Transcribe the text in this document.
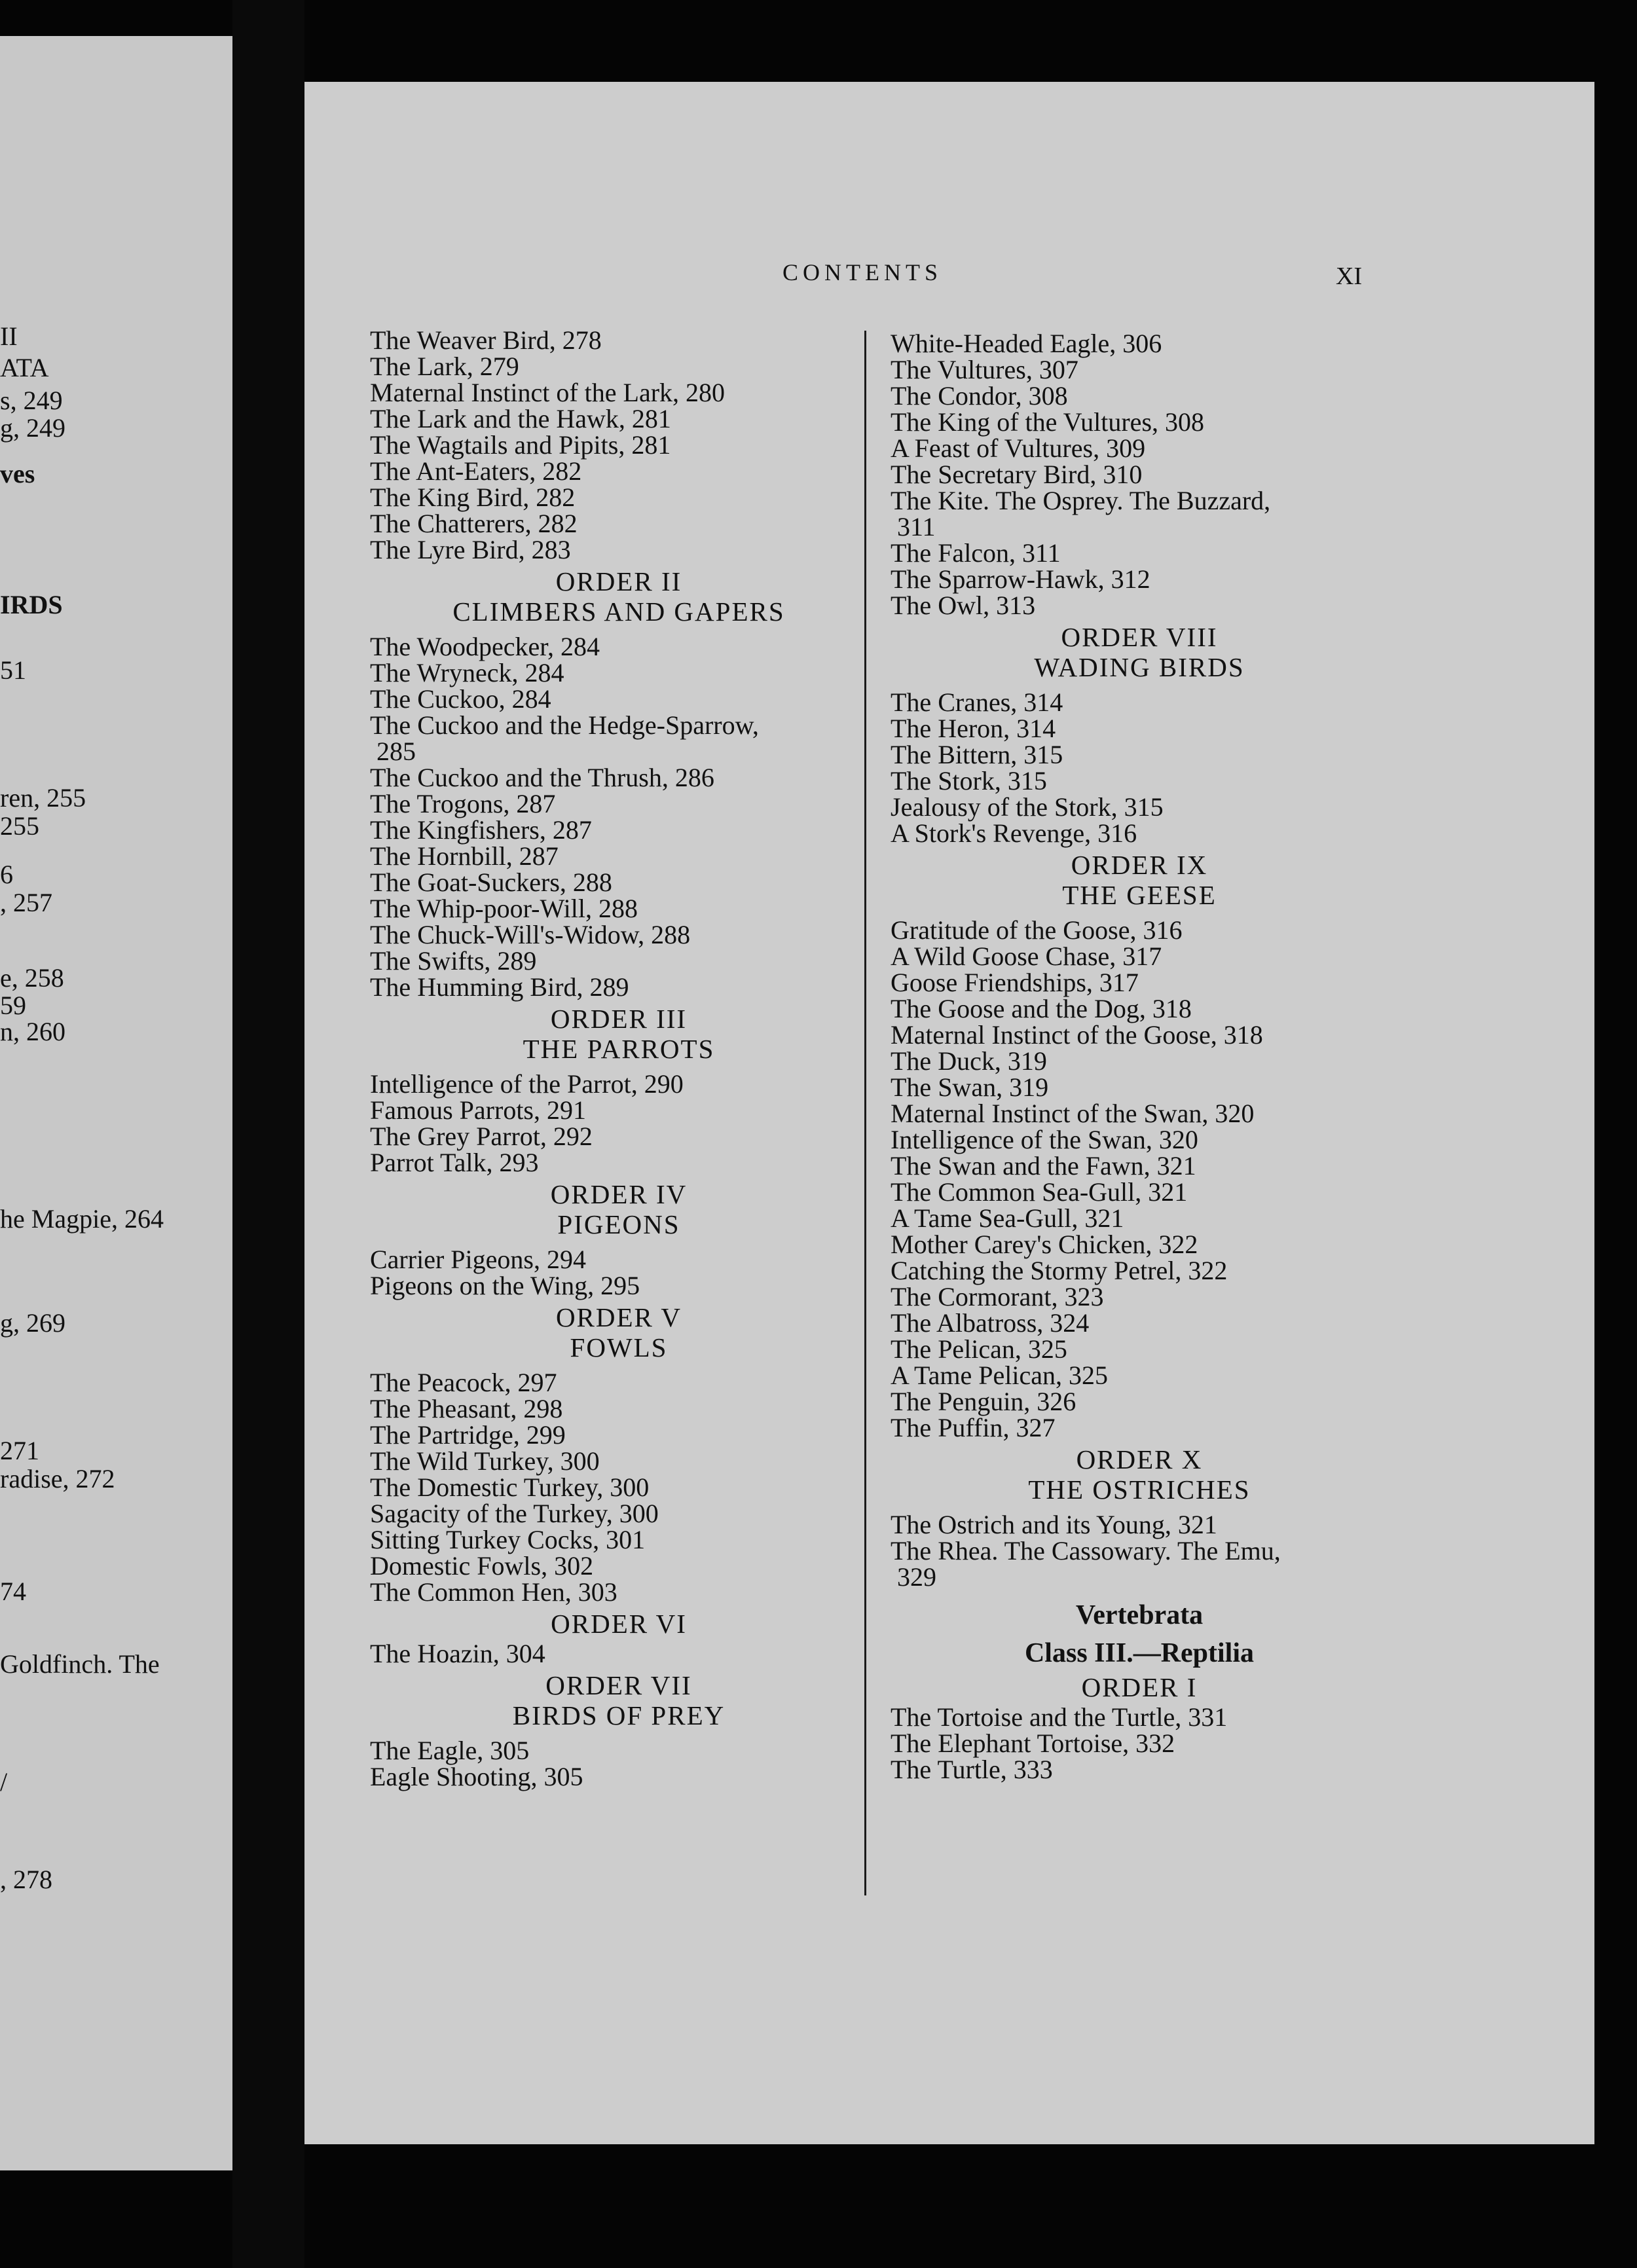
II
ATA
s, 249
g, 249
ves
IRDS
51
ren, 255
255
6
, 257
e, 258
59
n, 260
he Magpie, 264
g, 269
271
radise, 272
74
Goldfinch. The
/
, 278
CONTENTS	XI
The Weaver Bird, 278
The Lark, 279
Maternal Instinct of the Lark, 280
The Lark and the Hawk, 281
The Wagtails and Pipits, 281
The Ant-Eaters, 282
The King Bird, 282
The Chatterers, 282
The Lyre Bird, 283
ORDER II
CLIMBERS AND GAPERS
The Woodpecker, 284
The Wryneck, 284
The Cuckoo, 284
The Cuckoo and the Hedge-Sparrow,
285
The Cuckoo and the Thrush, 286
The Trogons, 287
The Kingfishers, 287
The Hornbill, 287
The Goat-Suckers, 288
The Whip-poor-Will, 288
The Chuck-Will's-Widow, 288
The Swifts, 289
The Humming Bird, 289
ORDER III
THE PARROTS
Intelligence of the Parrot, 290
Famous Parrots, 291
The Grey Parrot, 292
Parrot Talk, 293
ORDER IV
PIGEONS
Carrier Pigeons, 294
Pigeons on the Wing, 295
ORDER V
FOWLS
The Peacock, 297
The Pheasant, 298
The Partridge, 299
The Wild Turkey, 300
The Domestic Turkey, 300
Sagacity of the Turkey, 300
Sitting Turkey Cocks, 301
Domestic Fowls, 302
The Common Hen, 303
ORDER VI
The Hoazin, 304
ORDER VII
BIRDS OF PREY
The Eagle, 305
Eagle Shooting, 305
White-Headed Eagle, 306
The Vultures, 307
The Condor, 308
The King of the Vultures, 308
A Feast of Vultures, 309
The Secretary Bird, 310
The Kite. The Osprey. The Buzzard,
311
The Falcon, 311
The Sparrow-Hawk, 312
The Owl, 313
ORDER VIII
WADING BIRDS
The Cranes, 314
The Heron, 314
The Bittern, 315
The Stork, 315
Jealousy of the Stork, 315
A Stork's Revenge, 316
ORDER IX
THE GEESE
Gratitude of the Goose, 316
A Wild Goose Chase, 317
Goose Friendships, 317
The Goose and the Dog, 318
Maternal Instinct of the Goose, 318
The Duck, 319
The Swan, 319
Maternal Instinct of the Swan, 320
Intelligence of the Swan, 320
The Swan and the Fawn, 321
The Common Sea-Gull, 321
A Tame Sea-Gull, 321
Mother Carey's Chicken, 322
Catching the Stormy Petrel, 322
The Cormorant, 323
The Albatross, 324
The Pelican, 325
A Tame Pelican, 325
The Penguin, 326
The Puffin, 327
ORDER X
THE OSTRICHES
The Ostrich and its Young, 321
The Rhea. The Cassowary. The Emu,
329
Vertebrata
Class III.—Reptilia
ORDER I
The Tortoise and the Turtle, 331
The Elephant Tortoise, 332
The Turtle, 333
